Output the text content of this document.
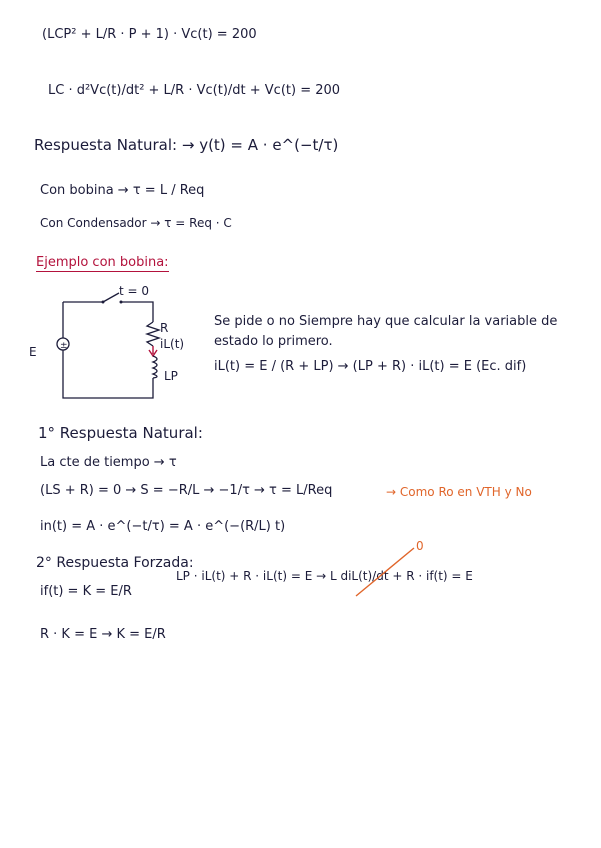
(LCP² + L/R · P + 1) · Vc(t) = 200
LC · d²Vc(t)/dt² + L/R · Vc(t)/dt + Vc(t) = 200
Respuesta Natural: → y(t) = A · e^(−t/τ)
Con bobina → τ = L / Req
Con Condensador → τ = Req · C
Ejemplo con bobina:
±
t = 0
E
R
iL(t)
LP
Se pide o no Siempre hay que calcular la variable de estado lo primero.
iL(t) = E / (R + LP) → (LP + R) · iL(t) = E (Ec. dif)
1° Respuesta Natural:
La cte de tiempo → τ
(LS + R) = 0 → S = −R/L → −1/τ → τ = L/Req	→ Como Ro en VTH y No
in(t) = A · e^(−t/τ) = A · e^(−(R/L) t)
2° Respuesta Forzada:
if(t) = K = E/R
LP · iL(t) + R · iL(t) = E → L diL(t)/dt + R · if(t) = E
0
R · K = E → K = E/R
